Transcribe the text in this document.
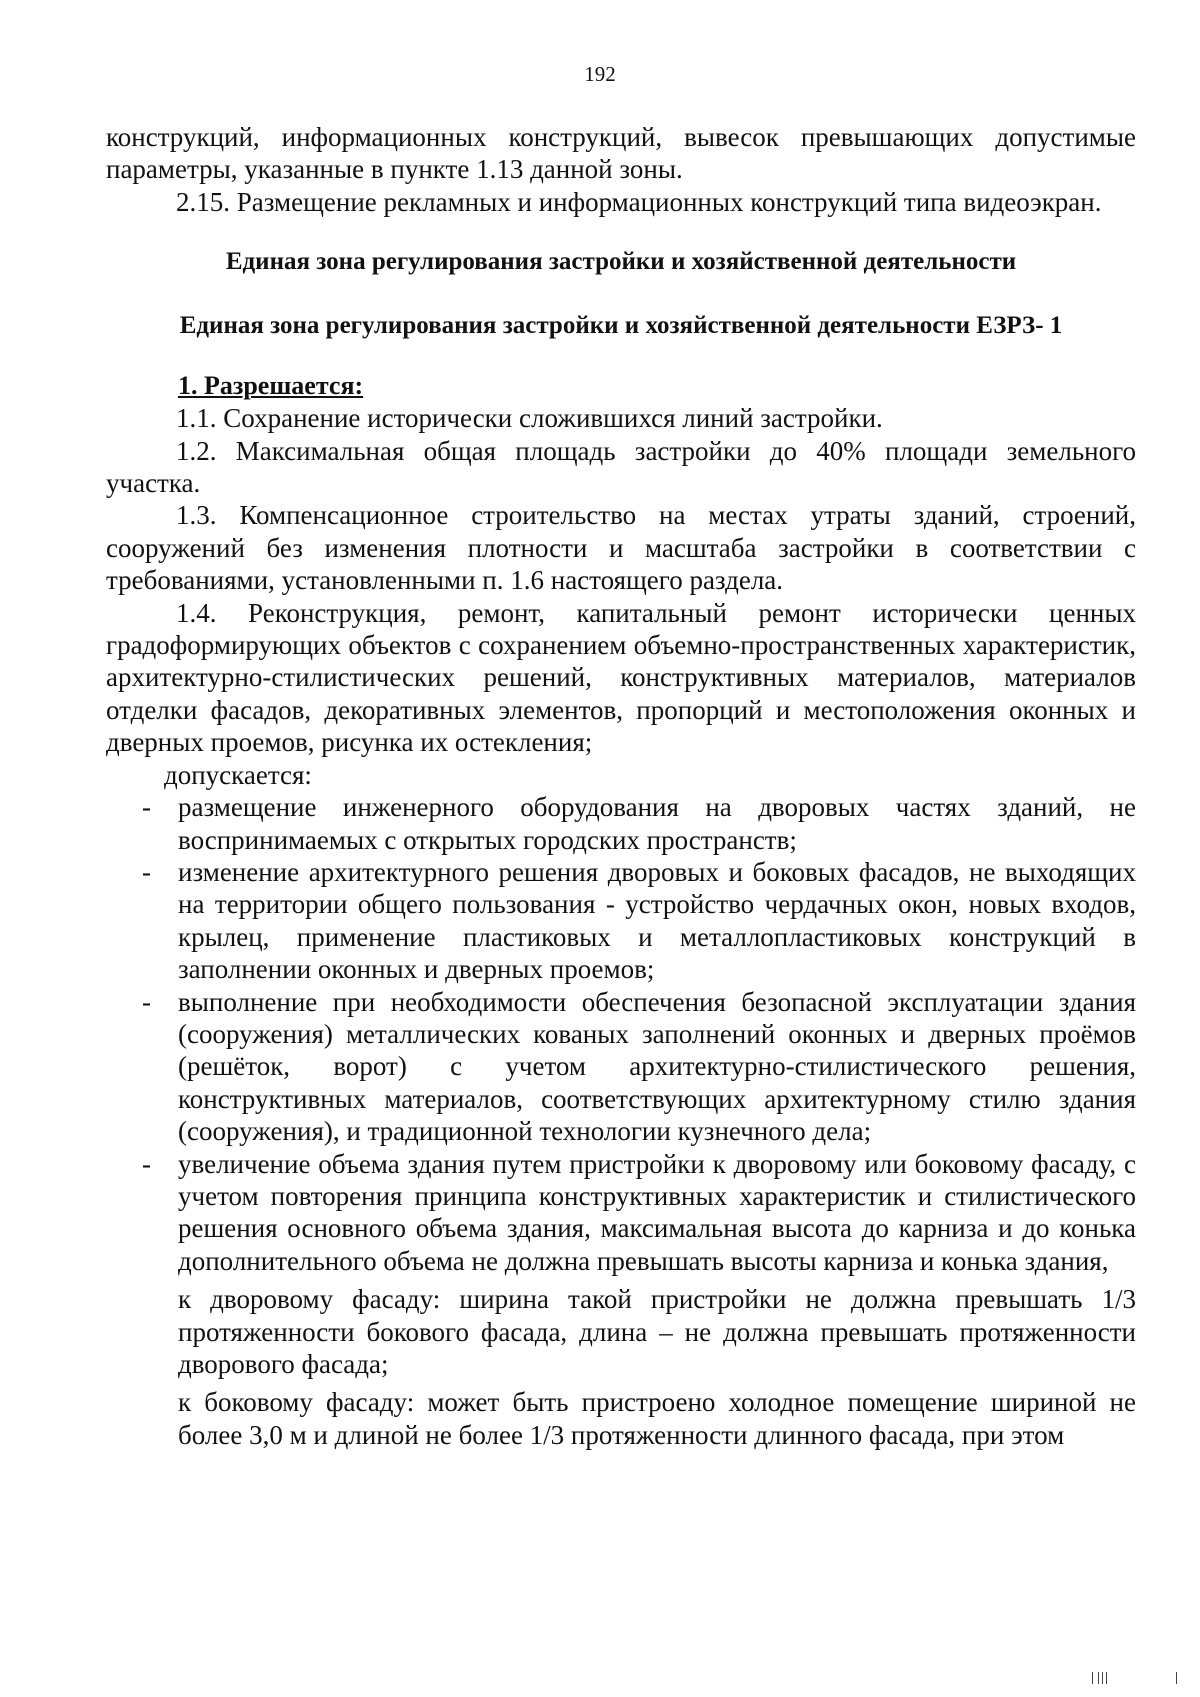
192

конструкций, информационных конструкций, вывесок превышающих допустимые параметры, указанные в пункте 1.13 данной зоны.

2.15. Размещение рекламных и информационных конструкций типа видеоэкран.

Единая зона регулирования застройки и хозяйственной деятельности

Единая зона регулирования застройки и хозяйственной деятельности ЕЗРЗ- 1

1. Разрешается:

1.1. Сохранение исторически сложившихся линий застройки.

1.2. Максимальная общая площадь застройки до 40% площади земельного участка.

1.3. Компенсационное строительство на местах утраты зданий, строений, сооружений без изменения плотности и масштаба застройки в соответствии с требованиями, установленными п. 1.6 настоящего раздела.

1.4. Реконструкция, ремонт, капитальный ремонт исторически ценных градоформирующих объектов с сохранением объемно-пространственных характеристик, архитектурно-стилистических решений, конструктивных материалов, материалов отделки фасадов, декоративных элементов, пропорций и местоположения оконных и дверных проемов, рисунка их остекления;

допускается:

- размещение инженерного оборудования на дворовых частях зданий, не воспринимаемых с открытых городских пространств;
- изменение архитектурного решения дворовых и боковых фасадов, не выходящих на территории общего пользования - устройство чердачных окон, новых входов, крылец, применение пластиковых и металлопластиковых конструкций в заполнении оконных и дверных проемов;
- выполнение при необходимости обеспечения безопасной эксплуатации здания (сооружения) металлических кованых заполнений оконных и дверных проёмов (решёток, ворот) с учетом архитектурно-стилистического решения, конструктивных материалов, соответствующих архитектурному стилю здания (сооружения), и традиционной технологии кузнечного дела;
- увеличение объема здания путем пристройки к дворовому или боковому фасаду, с учетом повторения принципа конструктивных характеристик и стилистического решения основного объема здания, максимальная высота до карниза и до конька дополнительного объема не должна превышать высоты карниза и конька здания,

к дворовому фасаду: ширина такой пристройки не должна превышать 1/3 протяженности бокового фасада, длина – не должна превышать протяженности дворового фасада;

к боковому фасаду: может быть пристроено холодное помещение шириной не более 3,0 м и длиной не более 1/3 протяженности длинного фасада, при этом
